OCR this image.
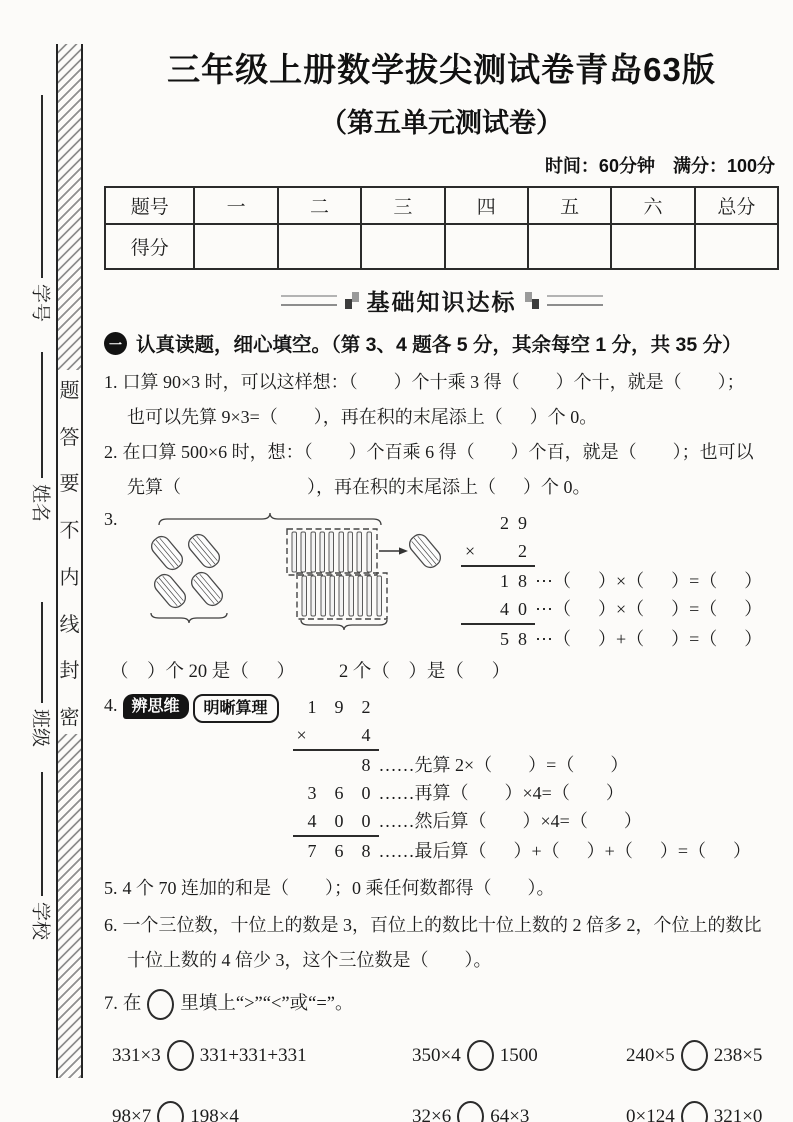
学号
姓名
班级
学校
题
答
要
不
内
线
封
密
三年级上册数学拔尖测试卷青岛63版
（第五单元测试卷）
时间：60分钟　满分：100分
题号	一	二	三	四	五	六	总分
得分							
基础知识达标
一 认真读题，细心填空。（第 3、4 题各 5 分，其余每空 1 分，共 35 分）
1. 口算 90×3 时，可以这样想：（　　）个十乘 3 得（　　）个十，就是（　　）；
也可以先算 9×3=（　　），再在积的末尾添上（　 ）个 0。
2. 在口算 500×6 时，想：（　　）个百乘 6 得（　　）个百，就是（　　）；也可以
先算（　　　　　　　），再在积的末尾添上（　 ）个 0。
3.	2 9
× 2
1 8 ⋯（　 ）×（　 ）=（　 ）
4 0 ⋯（　 ）×（　 ）=（　 ）
5 8 ⋯（　 ）+（　 ）=（　 ）
（　）个 20 是（　 ） 2 个（　）是（　 ）
4. 辨思维	明晰算理	1 9 2
×	4
8 ……先算 2×（　　）=（　　）
3 6 0 ……再算（　　）×4=（　　）
4 0 0 ……然后算（　　）×4=（　　）
7 6 8 ……最后算（　 ）+（　 ）+（　 ）=（　 ）
5. 4 个 70 连加的和是（　　）；0 乘任何数都得（　　）。
6. 一个三位数，十位上的数是 3，百位上的数比十位上数的 2 倍多 2，个位上的数比
十位上数的 4 倍少 3，这个三位数是（　　）。
7. 在 里填上“>”“<”或“=”。
331×3 331+331+331	350×4 1500	240×5 238×5
98×7 198×4	32×6 64×3	0×124 321×0
